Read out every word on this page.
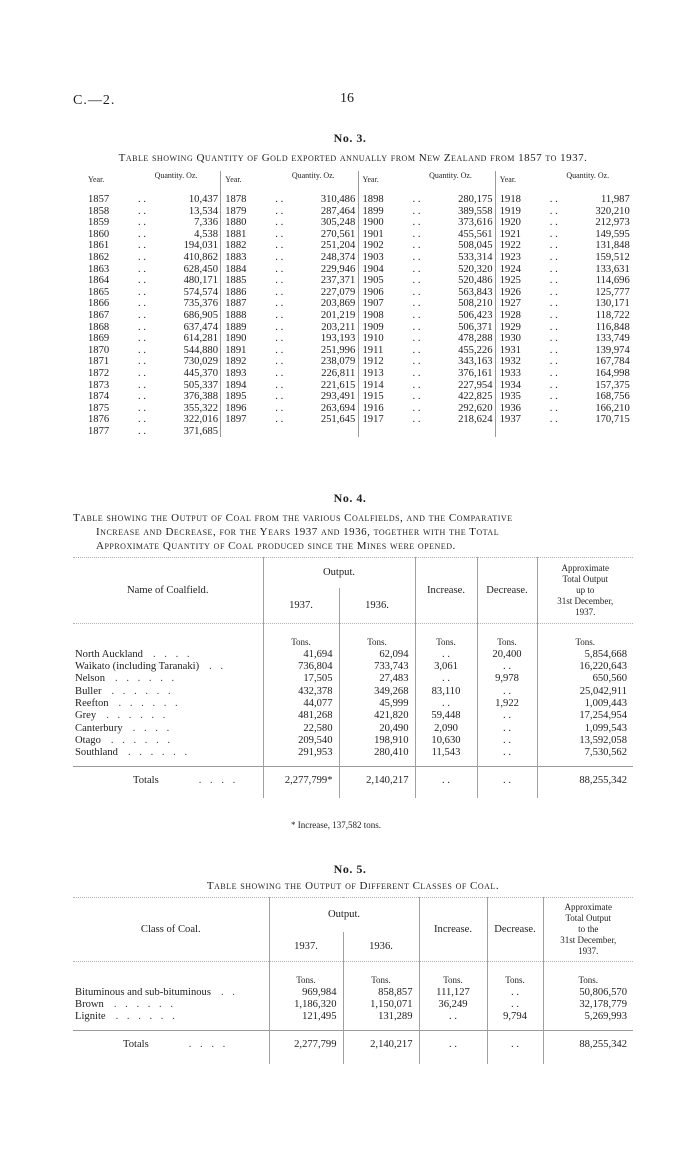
C.—2.	16
No. 3.
Table showing Quantity of Gold exported annually from New Zealand from 1857 to 1937.
Year.	Quantity. Oz.
1857	. .	10,437
1858	. .	13,534
1859	. .	7,336
1860	. .	4,538
1861	. .	194,031
1862	. .	410,862
1863	. .	628,450
1864	. .	480,171
1865	. .	574,574
1866	. .	735,376
1867	. .	686,905
1868	. .	637,474
1869	. .	614,281
1870	. .	544,880
1871	. .	730,029
1872	. .	445,370
1873	. .	505,337
1874	. .	376,388
1875	. .	355,322
1876	. .	322,016
1877	. .	371,685
Year.	Quantity. Oz.
1878	. .	310,486
1879	. .	287,464
1880	. .	305,248
1881	. .	270,561
1882	. .	251,204
1883	. .	248,374
1884	. .	229,946
1885	. .	237,371
1886	. .	227,079
1887	. .	203,869
1888	. .	201,219
1889	. .	203,211
1890	. .	193,193
1891	. .	251,996
1892	. .	238,079
1893	. .	226,811
1894	. .	221,615
1895	. .	293,491
1896	. .	263,694
1897	. .	251,645
Year.	Quantity. Oz.
1898	. .	280,175
1899	. .	389,558
1900	. .	373,616
1901	. .	455,561
1902	. .	508,045
1903	. .	533,314
1904	. .	520,320
1905	. .	520,486
1906	. .	563,843
1907	. .	508,210
1908	. .	506,423
1909	. .	506,371
1910	. .	478,288
1911	. .	455,226
1912	. .	343,163
1913	. .	376,161
1914	. .	227,954
1915	. .	422,825
1916	. .	292,620
1917	. .	218,624
Year.	Quantity. Oz.
1918	. .	11,987
1919	. .	320,210
1920	. .	212,973
1921	. .	149,595
1922	. .	131,848
1923	. .	159,512
1924	. .	133,631
1925	. .	114,696
1926	. .	125,777
1927	. .	130,171
1928	. .	118,722
1929	. .	116,848
1930	. .	133,749
1931	. .	139,974
1932	. .	167,784
1933	. .	164,998
1934	. .	157,375
1935	. .	168,756
1936	. .	166,210
1937	. .	170,715
No. 4.
Table showing the Output of Coal from the various Coalfields, and the Comparative
Increase and Decrease, for the Years 1937 and 1936, together with the Total
Approximate Quantity of Coal produced since the Mines were opened.
Name of Coalfield.	Output.		Increase.	Decrease.	Approximate
Total Output
up to
31st December,
1937.

	1937.	1936.			
	Tons.	Tons.	Tons.	Tons.	Tons.
North Auckland . . . .	41,694	62,094	. .	20,400	5,854,668
Waikato (including Taranaki) . .	736,804	733,743	3,061	. .	16,220,643
Nelson . . . . . .	17,505	27,483	. .	9,978	650,560
Buller . . . . . .	432,378	349,268	83,110	. .	25,042,911
Reefton . . . . . .	44,077	45,999	. .	1,922	1,009,443
Grey . . . . . .	481,268	421,820	59,448	. .	17,254,954
Canterbury . . . .	22,580	20,490	2,090	. .	1,099,543
Otago . . . . . .	209,540	198,910	10,630	. .	13,592,058
Southland . . . . . .	291,953	280,410	11,543	. .	7,530,562

Totals . . . .	2,277,799*	2,140,217	. .	. .	88,255,342

* Increase, 137,582 tons.
No. 5.
Table showing the Output of Different Classes of Coal.
Class of Coal.	Output.		Increase.	Decrease.	Approximate
Total Output
to the
31st December,
1937.

	1937.	1936.			
	Tons.	Tons.	Tons.	Tons.	Tons.
Bituminous and sub-bituminous . .	969,984	858,857	111,127	. .	50,806,570
Brown . . . . . .	1,186,320	1,150,071	36,249	. .	32,178,779
Lignite . . . . . .	121,495	131,289	. .	9,794	5,269,993

Totals . . . .	2,277,799	2,140,217	. .	. .	88,255,342
